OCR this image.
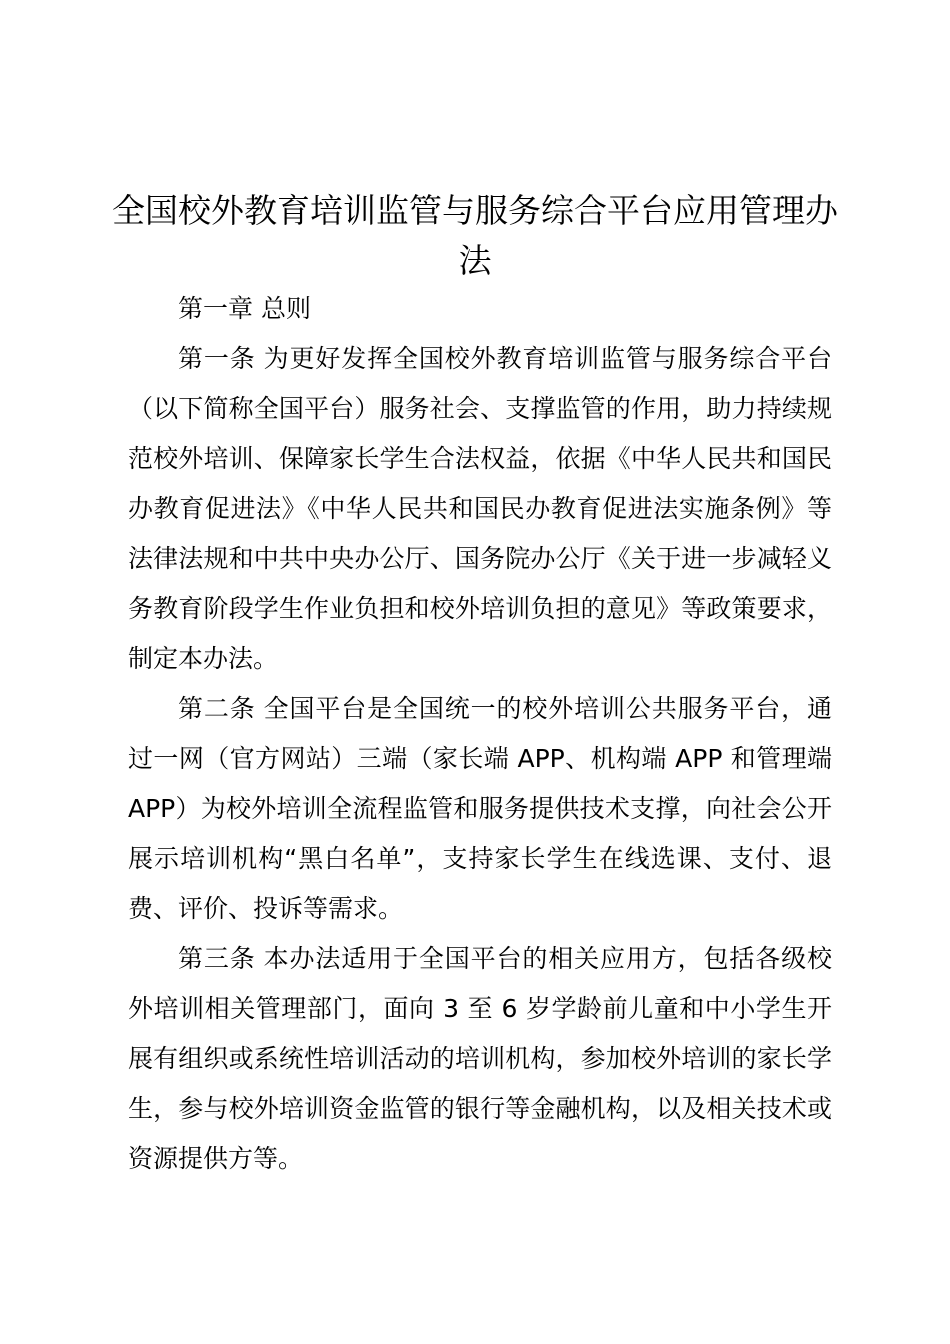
全国校外教育培训监管与服务综合平台应用管理办法

第一章 总则

第一条 为更好发挥全国校外教育培训监管与服务综合平台（以下简称全国平台）服务社会、支撑监管的作用，助力持续规范校外培训、保障家长学生合法权益，依据《中华人民共和国民办教育促进法》《中华人民共和国民办教育促进法实施条例》等法律法规和中共中央办公厅、国务院办公厅《关于进一步减轻义务教育阶段学生作业负担和校外培训负担的意见》等政策要求，制定本办法。

第二条 全国平台是全国统一的校外培训公共服务平台，通过一网（官方网站）三端（家长端 APP、机构端 APP 和管理端 APP）为校外培训全流程监管和服务提供技术支撑，向社会公开展示培训机构“黑白名单”，支持家长学生在线选课、支付、退费、评价、投诉等需求。

第三条 本办法适用于全国平台的相关应用方，包括各级校外培训相关管理部门，面向 3 至 6 岁学龄前儿童和中小学生开展有组织或系统性培训活动的培训机构，参加校外培训的家长学生，参与校外培训资金监管的银行等金融机构，以及相关技术或资源提供方等。
